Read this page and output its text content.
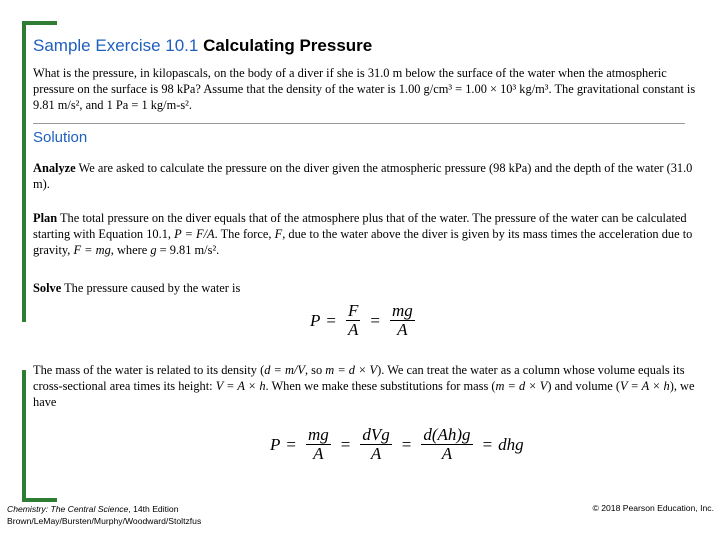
Sample Exercise 10.1 Calculating Pressure
What is the pressure, in kilopascals, on the body of a diver if she is 31.0 m below the surface of the water when the atmospheric pressure on the surface is 98 kPa? Assume that the density of the water is 1.00 g/cm³ = 1.00 × 10³ kg/m³. The gravitational constant is 9.81 m/s², and 1 Pa = 1 kg/m-s².
Solution
Analyze We are asked to calculate the pressure on the diver given the atmospheric pressure (98 kPa) and the depth of the water (31.0 m).
Plan The total pressure on the diver equals that of the atmosphere plus that of the water. The pressure of the water can be calculated starting with Equation 10.1, P = F/A. The force, F, due to the water above the diver is given by its mass times the acceleration due to gravity, F = mg, where g = 9.81 m/s².
Solve The pressure caused by the water is
$P = \frac{F}{A} = \frac{mg}{A}$
The mass of the water is related to its density (d = m/V, so m = d × V). We can treat the water as a column whose volume equals its cross-sectional area times its height: V = A × h. When we make these substitutions for mass (m = d × V) and volume (V = A × h), we have
$P = \frac{mg}{A} = \frac{\text{dVg}}{A} = \frac{d(Ah)g}{A}$ = dhg
Chemistry: The Central Science, 14th Edition
Brown/LeMay/Bursten/Murphy/Woodward/Stoltzfus
© 2018 Pearson Education, Inc.
